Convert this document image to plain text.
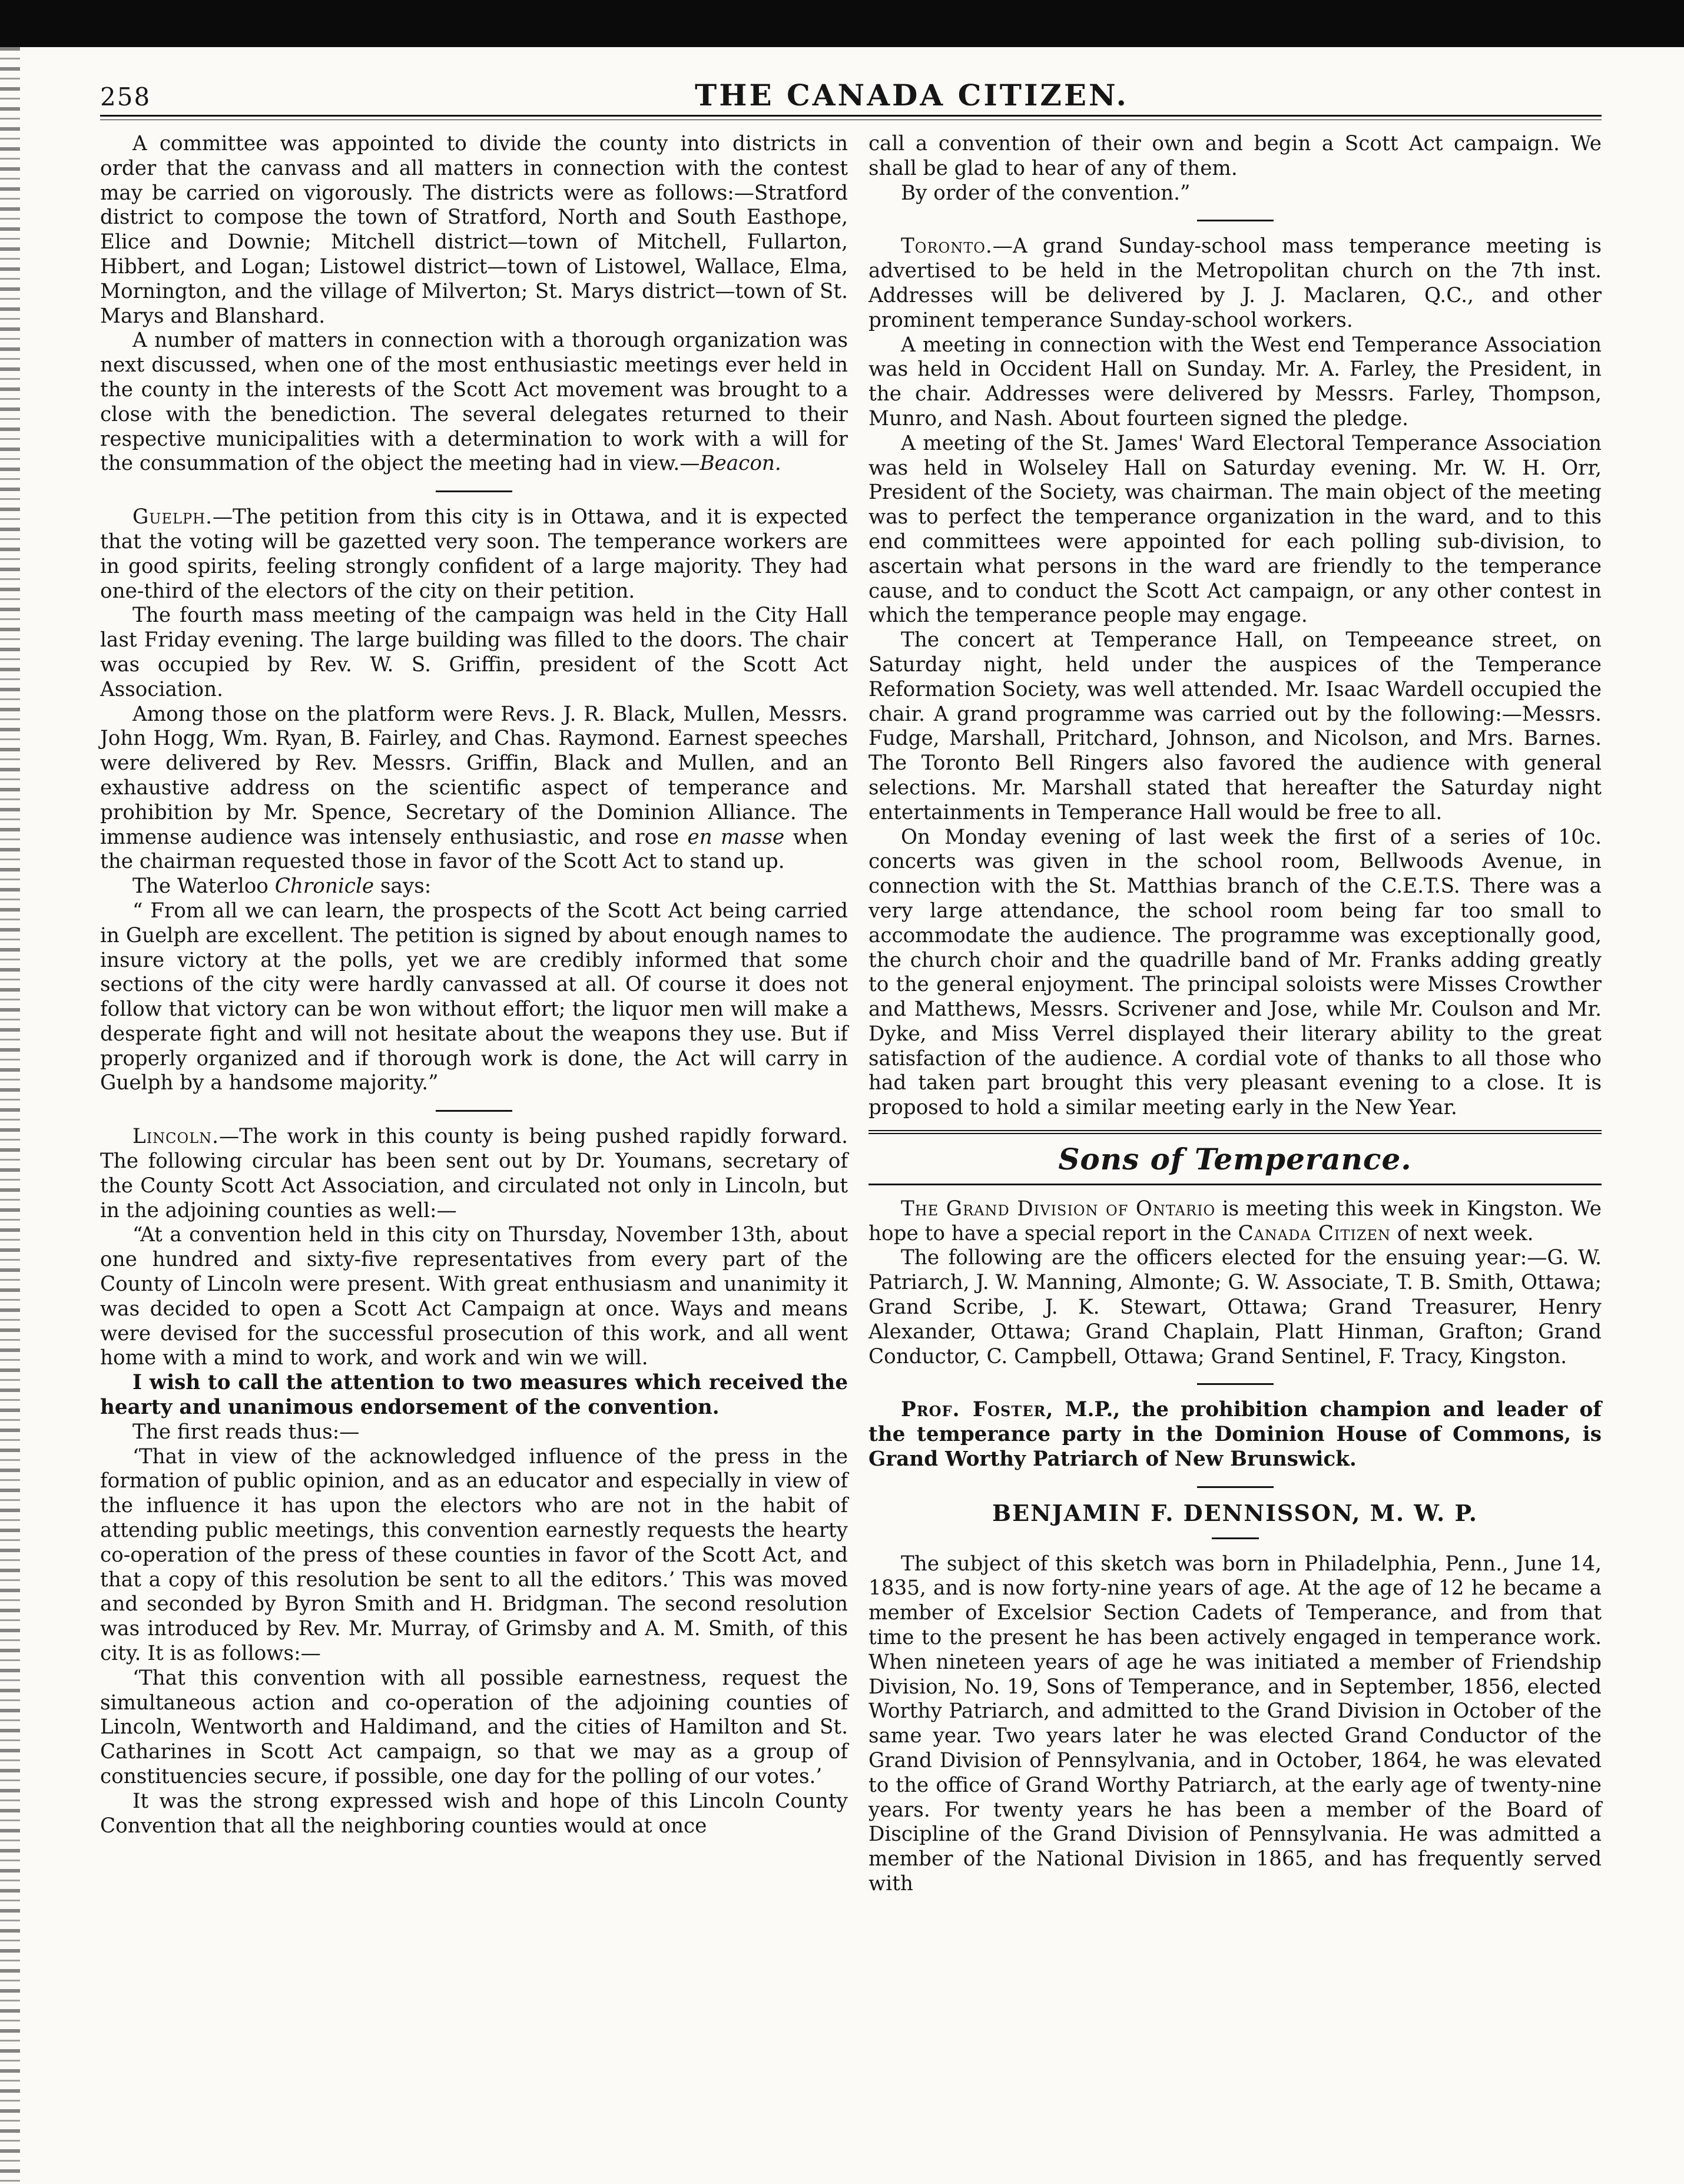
258	THE CANADA CITIZEN.

A committee was appointed to divide the county into districts in order that the canvass and all matters in connection with the contest may be carried on vigorously. The districts were as follows:—Stratford district to compose the town of Stratford, North and South Easthope, Elice and Downie; Mitchell district—town of Mitchell, Fullarton, Hibbert, and Logan; Listowel district—town of Listowel, Wallace, Elma, Mornington, and the village of Milverton; St. Marys district—town of St. Marys and Blanshard.

A number of matters in connection with a thorough organization was next discussed, when one of the most enthusiastic meetings ever held in the county in the interests of the Scott Act movement was brought to a close with the benediction. The several delegates returned to their respective municipalities with a determination to work with a will for the consummation of the object the meeting had in view.—Beacon.

Guelph.—The petition from this city is in Ottawa, and it is expected that the voting will be gazetted very soon. The temperance workers are in good spirits, feeling strongly confident of a large majority. They had one-third of the electors of the city on their petition.

The fourth mass meeting of the campaign was held in the City Hall last Friday evening. The large building was filled to the doors. The chair was occupied by Rev. W. S. Griffin, president of the Scott Act Association.

Among those on the platform were Revs. J. R. Black, Mullen, Messrs. John Hogg, Wm. Ryan, B. Fairley, and Chas. Raymond. Earnest speeches were delivered by Rev. Messrs. Griffin, Black and Mullen, and an exhaustive address on the scientific aspect of temperance and prohibition by Mr. Spence, Secretary of the Dominion Alliance. The immense audience was intensely enthusiastic, and rose en masse when the chairman requested those in favor of the Scott Act to stand up.

The Waterloo Chronicle says:

“ From all we can learn, the prospects of the Scott Act being carried in Guelph are excellent. The petition is signed by about enough names to insure victory at the polls, yet we are credibly informed that some sections of the city were hardly canvassed at all. Of course it does not follow that victory can be won without effort; the liquor men will make a desperate fight and will not hesitate about the weapons they use. But if properly organized and if thorough work is done, the Act will carry in Guelph by a handsome majority.”

Lincoln.—The work in this county is being pushed rapidly forward. The following circular has been sent out by Dr. Youmans, secretary of the County Scott Act Association, and circulated not only in Lincoln, but in the adjoining counties as well:—

“At a convention held in this city on Thursday, November 13th, about one hundred and sixty-five representatives from every part of the County of Lincoln were present. With great enthusiasm and unanimity it was decided to open a Scott Act Campaign at once. Ways and means were devised for the successful prosecution of this work, and all went home with a mind to work, and work and win we will.

I wish to call the attention to two measures which received the hearty and unanimous endorsement of the convention.

The first reads thus:—

‘That in view of the acknowledged influence of the press in the formation of public opinion, and as an educator and especially in view of the influence it has upon the electors who are not in the habit of attending public meetings, this convention earnestly requests the hearty co-operation of the press of these counties in favor of the Scott Act, and that a copy of this resolution be sent to all the editors.’ This was moved and seconded by Byron Smith and H. Bridgman. The second resolution was introduced by Rev. Mr. Murray, of Grimsby and A. M. Smith, of this city. It is as follows:—

‘That this convention with all possible earnestness, request the simultaneous action and co-operation of the adjoining counties of Lincoln, Wentworth and Haldimand, and the cities of Hamilton and St. Catharines in Scott Act campaign, so that we may as a group of constituencies secure, if possible, one day for the polling of our votes.’

It was the strong expressed wish and hope of this Lincoln County Convention that all the neighboring counties would at once

call a convention of their own and begin a Scott Act campaign. We shall be glad to hear of any of them.

By order of the convention.”

Toronto.—A grand Sunday-school mass temperance meeting is advertised to be held in the Metropolitan church on the 7th inst. Addresses will be delivered by J. J. Maclaren, Q.C., and other prominent temperance Sunday-school workers.

A meeting in connection with the West end Temperance Association was held in Occident Hall on Sunday. Mr. A. Farley, the President, in the chair. Addresses were delivered by Messrs. Farley, Thompson, Munro, and Nash. About fourteen signed the pledge.

A meeting of the St. James' Ward Electoral Temperance Association was held in Wolseley Hall on Saturday evening. Mr. W. H. Orr, President of the Society, was chairman. The main object of the meeting was to perfect the temperance organization in the ward, and to this end committees were appointed for each polling sub-division, to ascertain what persons in the ward are friendly to the temperance cause, and to conduct the Scott Act campaign, or any other contest in which the temperance people may engage.

The concert at Temperance Hall, on Tempeeance street, on Saturday night, held under the auspices of the Temperance Reformation Society, was well attended. Mr. Isaac Wardell occupied the chair. A grand programme was carried out by the following:—Messrs. Fudge, Marshall, Pritchard, Johnson, and Nicolson, and Mrs. Barnes. The Toronto Bell Ringers also favored the audience with general selections. Mr. Marshall stated that hereafter the Saturday night entertainments in Temperance Hall would be free to all.

On Monday evening of last week the first of a series of 10c. concerts was given in the school room, Bellwoods Avenue, in connection with the St. Matthias branch of the C.E.T.S. There was a very large attendance, the school room being far too small to accommodate the audience. The programme was exceptionally good, the church choir and the quadrille band of Mr. Franks adding greatly to the general enjoyment. The principal soloists were Misses Crowther and Matthews, Messrs. Scrivener and Jose, while Mr. Coulson and Mr. Dyke, and Miss Verrel displayed their literary ability to the great satisfaction of the audience. A cordial vote of thanks to all those who had taken part brought this very pleasant evening to a close. It is proposed to hold a similar meeting early in the New Year.

Sons of Temperance.

The Grand Division of Ontario is meeting this week in Kingston. We hope to have a special report in the Canada Citizen of next week.

The following are the officers elected for the ensuing year:—G. W. Patriarch, J. W. Manning, Almonte; G. W. Associate, T. B. Smith, Ottawa; Grand Scribe, J. K. Stewart, Ottawa; Grand Treasurer, Henry Alexander, Ottawa; Grand Chaplain, Platt Hinman, Grafton; Grand Conductor, C. Campbell, Ottawa; Grand Sentinel, F. Tracy, Kingston.

Prof. Foster, M.P., the prohibition champion and leader of the temperance party in the Dominion House of Commons, is Grand Worthy Patriarch of New Brunswick.

BENJAMIN F. DENNISSON, M. W. P.

The subject of this sketch was born in Philadelphia, Penn., June 14, 1835, and is now forty-nine years of age. At the age of 12 he became a member of Excelsior Section Cadets of Temperance, and from that time to the present he has been actively engaged in temperance work. When nineteen years of age he was initiated a member of Friendship Division, No. 19, Sons of Temperance, and in September, 1856, elected Worthy Patriarch, and admitted to the Grand Division in October of the same year. Two years later he was elected Grand Conductor of the Grand Division of Pennsylvania, and in October, 1864, he was elevated to the office of Grand Worthy Patriarch, at the early age of twenty-nine years. For twenty years he has been a member of the Board of Discipline of the Grand Division of Pennsylvania. He was admitted a member of the National Division in 1865, and has frequently served with
